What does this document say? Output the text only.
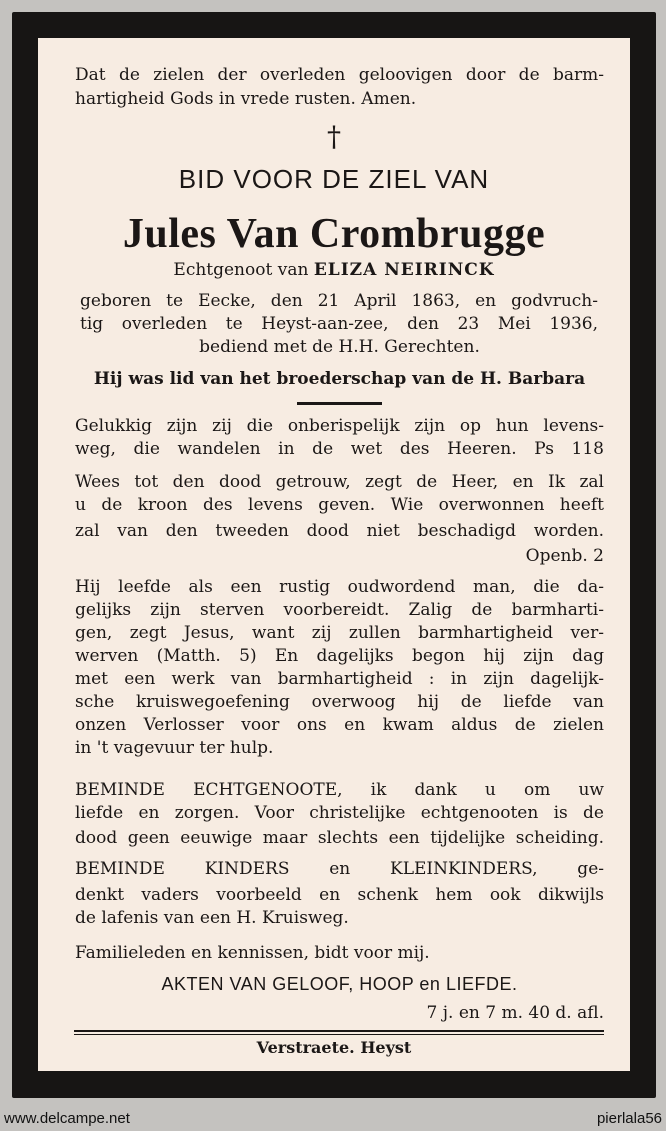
Dat de zielen der overleden geloovigen door de barm-
hartigheid Gods in vrede rusten. Amen.
†
BID VOOR DE ZIEL VAN
Jules Van Crombrugge
Echtgenoot van ELIZA NEIRINCK
geboren te Eecke, den 21 April 1863, en godvruch-
tig overleden te Heyst-aan-zee, den 23 Mei 1936,
bediend met de H.H. Gerechten.
Hij was lid van het broederschap van de H. Barbara
Gelukkig zijn zij die onberispelijk zijn op hun levens-
weg, die wandelen in de wet des Heeren. Ps 118
Wees tot den dood getrouw, zegt de Heer, en Ik zal
u de kroon des levens geven. Wie overwonnen heeft
zal van den tweeden dood niet beschadigd worden.
Openb. 2
Hij leefde als een rustig oudwordend man, die da-
gelijks zijn sterven voorbereidt. Zalig de barmharti-
gen, zegt Jesus, want zij zullen barmhartigheid ver-
werven (Matth. 5) En dagelijks begon hij zijn dag
met een werk van barmhartigheid : in zijn dagelijk-
sche kruiswegoefening overwoog hij de liefde van
onzen Verlosser voor ons en kwam aldus de zielen
in 't vagevuur ter hulp.
BEMINDE ECHTGENOOTE, ik dank u om uw
liefde en zorgen. Voor christelijke echtgenooten is de
dood geen eeuwige maar slechts een tijdelijke scheiding.
BEMINDE KINDERS en KLEINKINDERS, ge-
denkt vaders voorbeeld en schenk hem ook dikwijls
de lafenis van een H. Kruisweg.
Familieleden en kennissen, bidt voor mij.
AKTEN VAN GELOOF, HOOP en LIEFDE.
7 j. en 7 m. 40 d. afl.
Verstraete. Heyst
www.delcampe.net	pierlala56
